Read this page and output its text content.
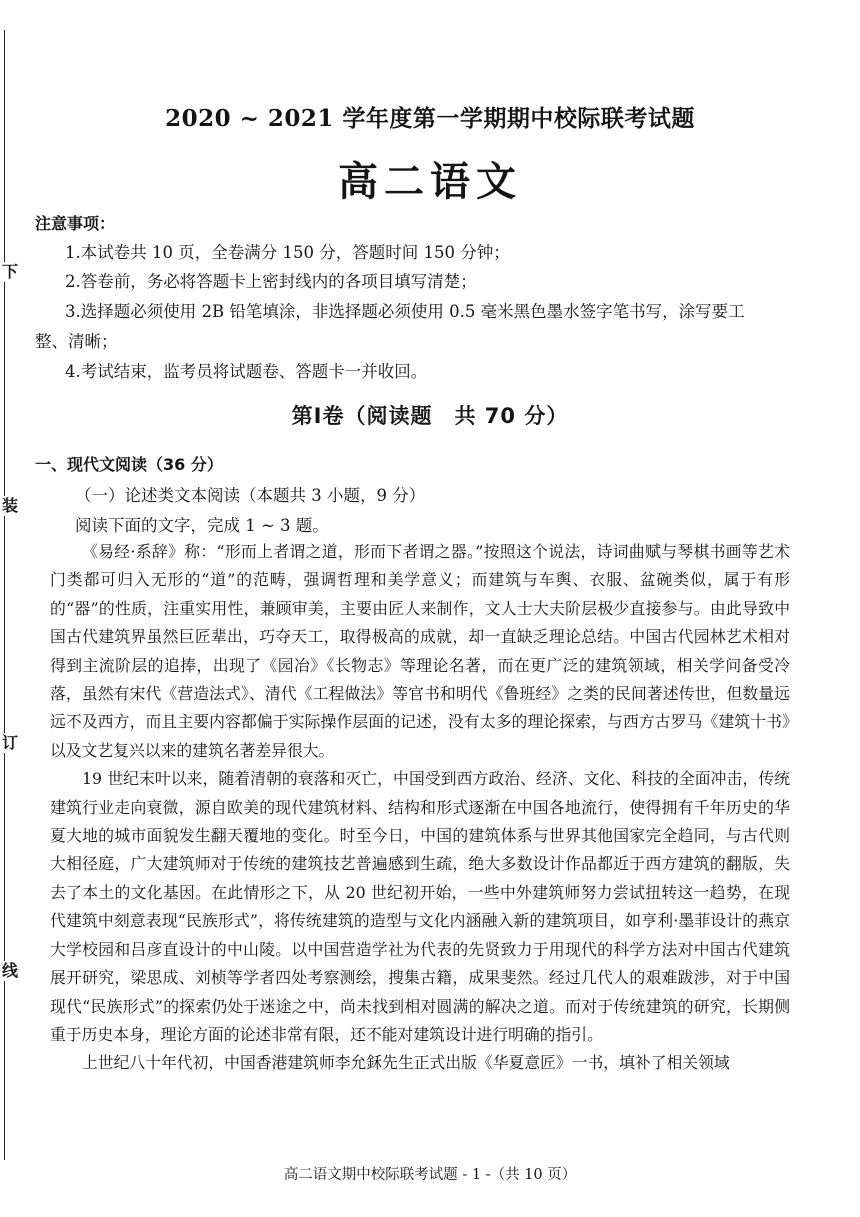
下
装
订
线
2020 ~ 2021 学年度第一学期期中校际联考试题
高二语文
注意事项：
1.本试卷共 10 页，全卷满分 150 分，答题时间 150 分钟；
2.答卷前，务必将答题卡上密封线内的各项目填写清楚；
3.选择题必须使用 2B 铅笔填涂，非选择题必须使用 0.5 毫米黑色墨水签字笔书写，涂写要工
整、清晰；
4.考试结束，监考员将试题卷、答题卡一并收回。
第Ⅰ卷（阅读题　共 70 分）
一、现代文阅读（36 分）
（一）论述类文本阅读（本题共 3 小题，9 分）
阅读下面的文字，完成 1 ~ 3 题。

《易经·系辞》称：“形而上者谓之道，形而下者谓之器。”按照这个说法，诗词曲赋与琴棋书画等艺术门类都可归入无形的“道”的范畴，强调哲理和美学意义；而建筑与车舆、衣服、盆碗类似，属于有形的“器”的性质，注重实用性，兼顾审美，主要由匠人来制作，文人士大夫阶层极少直接参与。由此导致中国古代建筑界虽然巨匠辈出，巧夺天工，取得极高的成就，却一直缺乏理论总结。中国古代园林艺术相对得到主流阶层的追捧，出现了《园冶》《长物志》等理论名著，而在更广泛的建筑领域，相关学问备受冷落，虽然有宋代《营造法式》、清代《工程做法》等官书和明代《鲁班经》之类的民间著述传世，但数量远远不及西方，而且主要内容都偏于实际操作层面的记述，没有太多的理论探索，与西方古罗马《建筑十书》以及文艺复兴以来的建筑名著差异很大。

19 世纪末叶以来，随着清朝的衰落和灭亡，中国受到西方政治、经济、文化、科技的全面冲击，传统建筑行业走向衰微，源自欧美的现代建筑材料、结构和形式逐渐在中国各地流行，使得拥有千年历史的华夏大地的城市面貌发生翻天覆地的变化。时至今日，中国的建筑体系与世界其他国家完全趋同，与古代则大相径庭，广大建筑师对于传统的建筑技艺普遍感到生疏，绝大多数设计作品都近于西方建筑的翻版，失去了本土的文化基因。在此情形之下，从 20 世纪初开始，一些中外建筑师努力尝试扭转这一趋势，在现代建筑中刻意表现“民族形式”，将传统建筑的造型与文化内涵融入新的建筑项目，如亨利·墨菲设计的燕京大学校园和吕彦直设计的中山陵。以中国营造学社为代表的先贤致力于用现代的科学方法对中国古代建筑展开研究，梁思成、刘桢等学者四处考察测绘，搜集古籍，成果斐然。经过几代人的艰难跋涉，对于中国现代“民族形式”的探索仍处于迷途之中，尚未找到相对圆满的解决之道。而对于传统建筑的研究，长期侧重于历史本身，理论方面的论述非常有限，还不能对建筑设计进行明确的指引。

上世纪八十年代初，中国香港建筑师李允鉌先生正式出版《华夏意匠》一书，填补了相关领域

高二语文期中校际联考试题 - 1 -（共 10 页）
